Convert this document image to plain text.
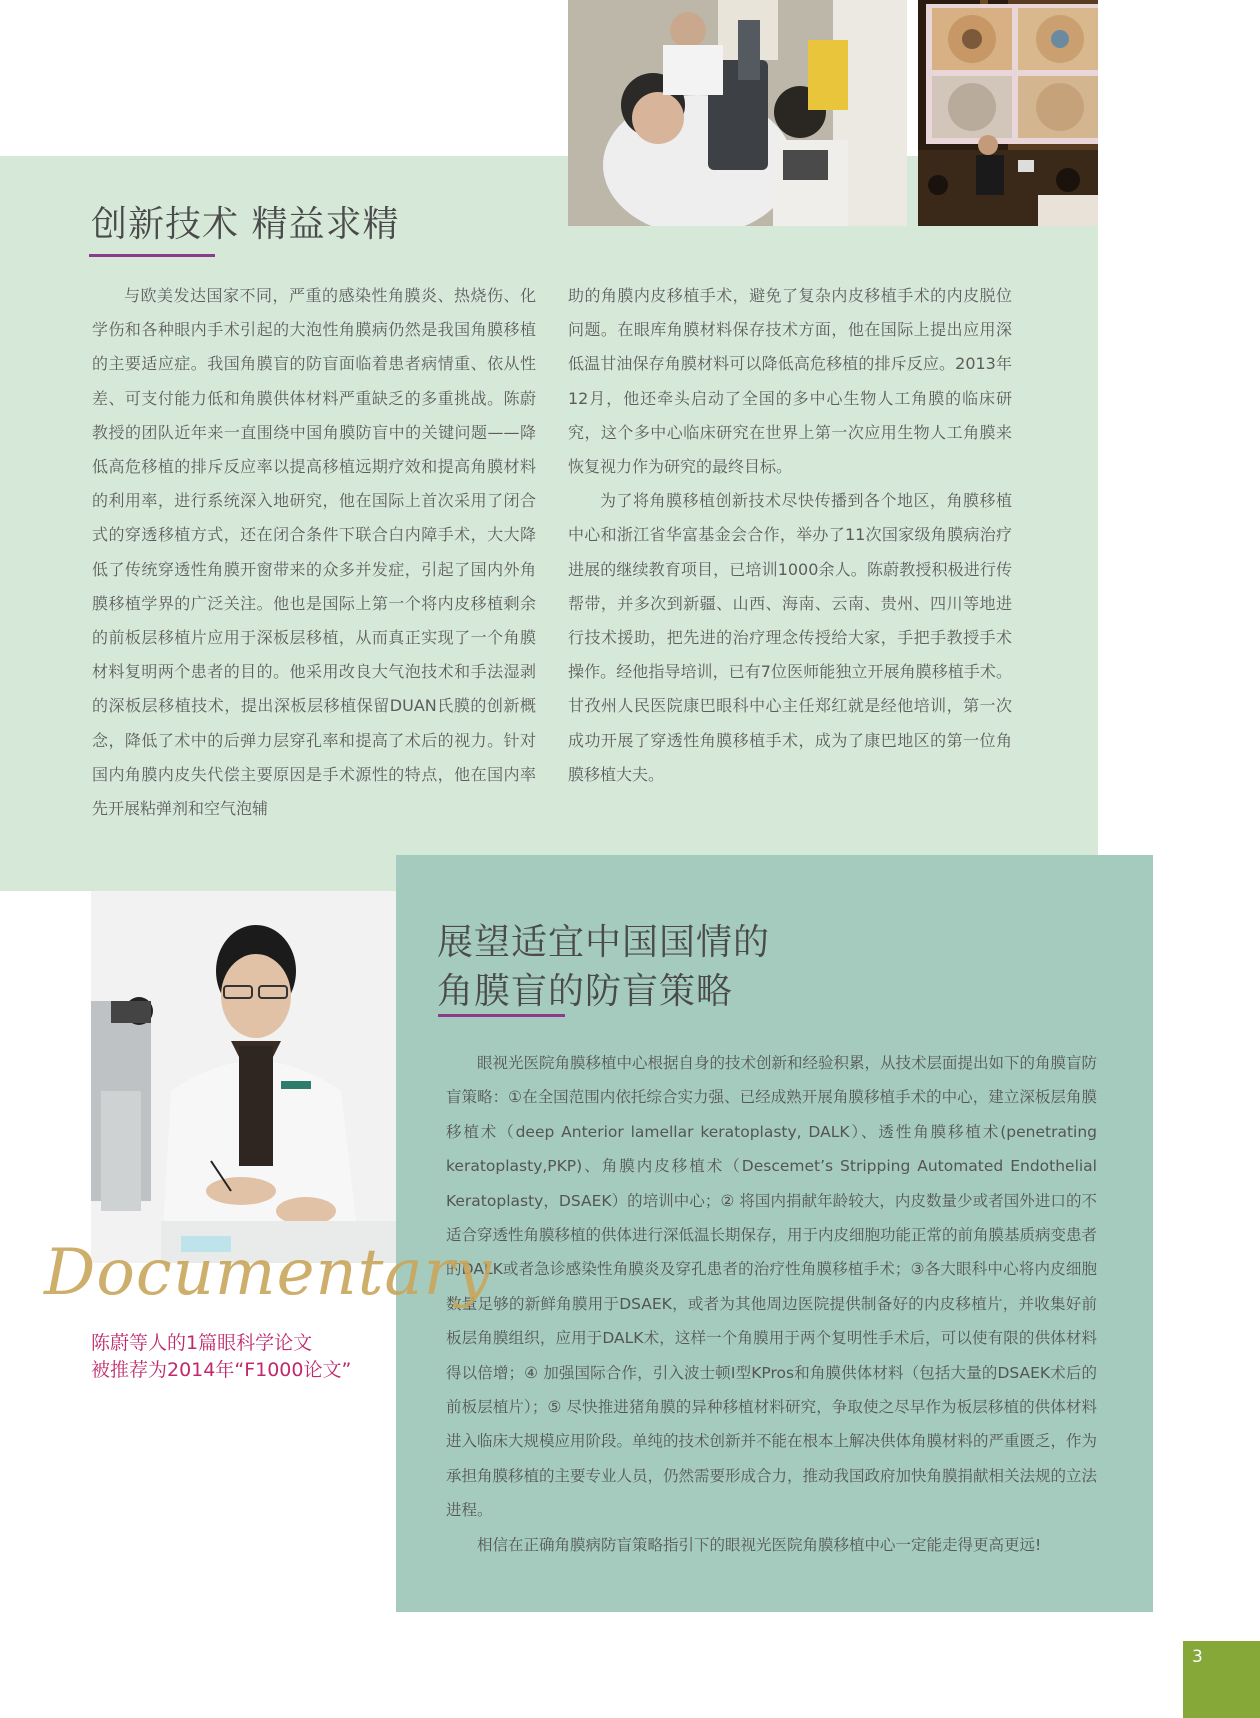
创新技术 精益求精

与欧美发达国家不同，严重的感染性角膜炎、热烧伤、化学伤和各种眼内手术引起的大泡性角膜病仍然是我国角膜移植的主要适应症。我国角膜盲的防盲面临着患者病情重、依从性差、可支付能力低和角膜供体材料严重缺乏的多重挑战。陈蔚教授的团队近年来一直围绕中国角膜防盲中的关键问题——降低高危移植的排斥反应率以提高移植远期疗效和提高角膜材料的利用率，进行系统深入地研究，他在国际上首次采用了闭合式的穿透移植方式，还在闭合条件下联合白内障手术，大大降低了传统穿透性角膜开窗带来的众多并发症，引起了国内外角膜移植学界的广泛关注。他也是国际上第一个将内皮移植剩余的前板层移植片应用于深板层移植，从而真正实现了一个角膜材料复明两个患者的目的。他采用改良大气泡技术和手法湿剥的深板层移植技术，提出深板层移植保留DUAN氏膜的创新概念，降低了术中的后弹力层穿孔率和提高了术后的视力。针对国内角膜内皮失代偿主要原因是手术源性的特点，他在国内率先开展粘弹剂和空气泡辅

助的角膜内皮移植手术，避免了复杂内皮移植手术的内皮脱位问题。在眼库角膜材料保存技术方面，他在国际上提出应用深低温甘油保存角膜材料可以降低高危移植的排斥反应。2013年12月，他还牵头启动了全国的多中心生物人工角膜的临床研究，这个多中心临床研究在世界上第一次应用生物人工角膜来恢复视力作为研究的最终目标。

为了将角膜移植创新技术尽快传播到各个地区，角膜移植中心和浙江省华富基金会合作，举办了11次国家级角膜病治疗进展的继续教育项目，已培训1000余人。陈蔚教授积极进行传帮带，并多次到新疆、山西、海南、云南、贵州、四川等地进行技术援助，把先进的治疗理念传授给大家，手把手教授手术操作。经他指导培训，已有7位医师能独立开展角膜移植手术。甘孜州人民医院康巴眼科中心主任郑红就是经他培训，第一次成功开展了穿透性角膜移植手术，成为了康巴地区的第一位角膜移植大夫。

展望适宜中国国情的
角膜盲的防盲策略

眼视光医院角膜移植中心根据自身的技术创新和经验积累，从技术层面提出如下的角膜盲防盲策略：①在全国范围内依托综合实力强、已经成熟开展角膜移植手术的中心，建立深板层角膜移植术（deep Anterior lamellar keratoplasty, DALK）、透性角膜移植术(penetrating keratoplasty,PKP)、角膜内皮移植术（Descemet’s Stripping Automated Endothelial Keratoplasty，DSAEK）的培训中心；② 将国内捐献年龄较大，内皮数量少或者国外进口的不适合穿透性角膜移植的供体进行深低温长期保存，用于内皮细胞功能正常的前角膜基质病变患者的DALK或者急诊感染性角膜炎及穿孔患者的治疗性角膜移植手术；③各大眼科中心将内皮细胞数量足够的新鲜角膜用于DSAEK，或者为其他周边医院提供制备好的内皮移植片，并收集好前板层角膜组织，应用于DALK术，这样一个角膜用于两个复明性手术后，可以使有限的供体材料得以倍增；④ 加强国际合作，引入波士顿Ⅰ型KPros和角膜供体材料（包括大量的DSAEK术后的前板层植片）；⑤ 尽快推进猪角膜的异种移植材料研究，争取使之尽早作为板层移植的供体材料进入临床大规模应用阶段。单纯的技术创新并不能在根本上解决供体角膜材料的严重匮乏，作为承担角膜移植的主要专业人员，仍然需要形成合力，推动我国政府加快角膜捐献相关法规的立法进程。

相信在正确角膜病防盲策略指引下的眼视光医院角膜移植中心一定能走得更高更远!

Documentary
陈蔚等人的1篇眼科学论文
被推荐为2014年“F1000论文”
3
